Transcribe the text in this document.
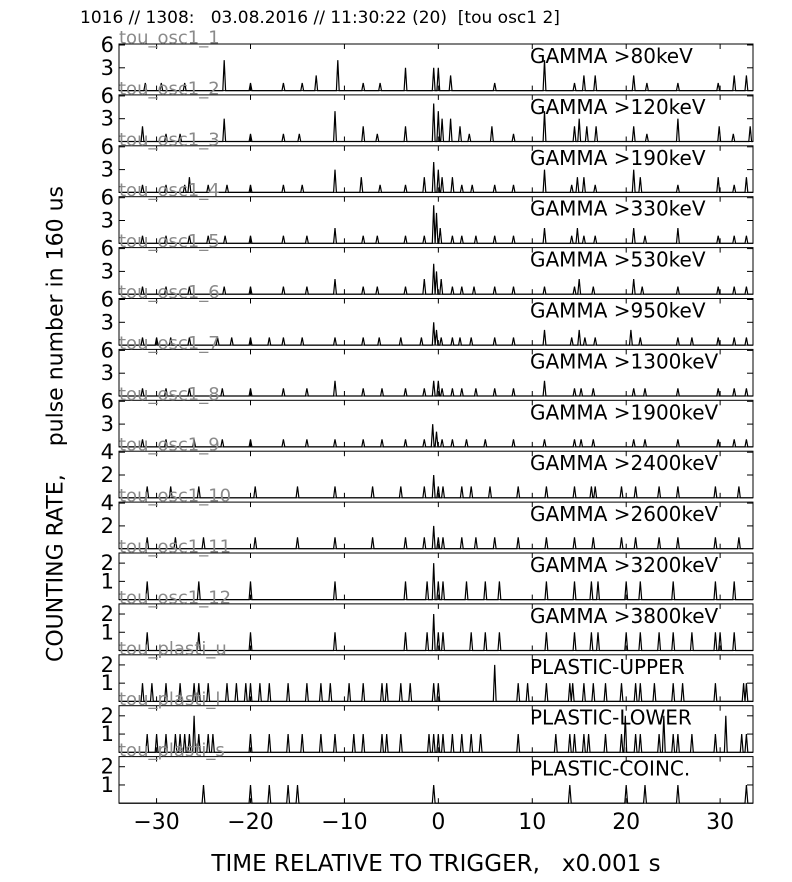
1016 // 1308:   03.08.2016 // 11:30:22 (20)  [tou osc1 2]
COUNTING RATE,    pulse number in 160 us
TIME RELATIVE TO TRIGGER,   x0.001 s
3
6	GAMMA >80keV
tou_osc1_1
3
6	GAMMA >120keV
tou_osc1_2
3
6	GAMMA >190keV
tou_osc1_3
3
6	GAMMA >330keV
tou_osc1_4
3
6	GAMMA >530keV
tou_osc1_5
3
6	GAMMA >950keV
tou_osc1_6
3
6	GAMMA >1300keV
tou_osc1_7
3
6	GAMMA >1900keV
tou_osc1_8
2
4	GAMMA >2400keV
tou_osc1_9
2
4	GAMMA >2600keV
tou_osc1_10
1
2	GAMMA >3200keV
tou_osc1_11
1
2	GAMMA >3800keV
tou_osc1_12
1
2	PLASTIC-UPPER
tou_plasti_u
1
2	PLASTIC-LOWER
tou_plasti_l
1
2	PLASTIC-COINC.
tou_plasti_s
−30 −20 −10	0	10	20	30
